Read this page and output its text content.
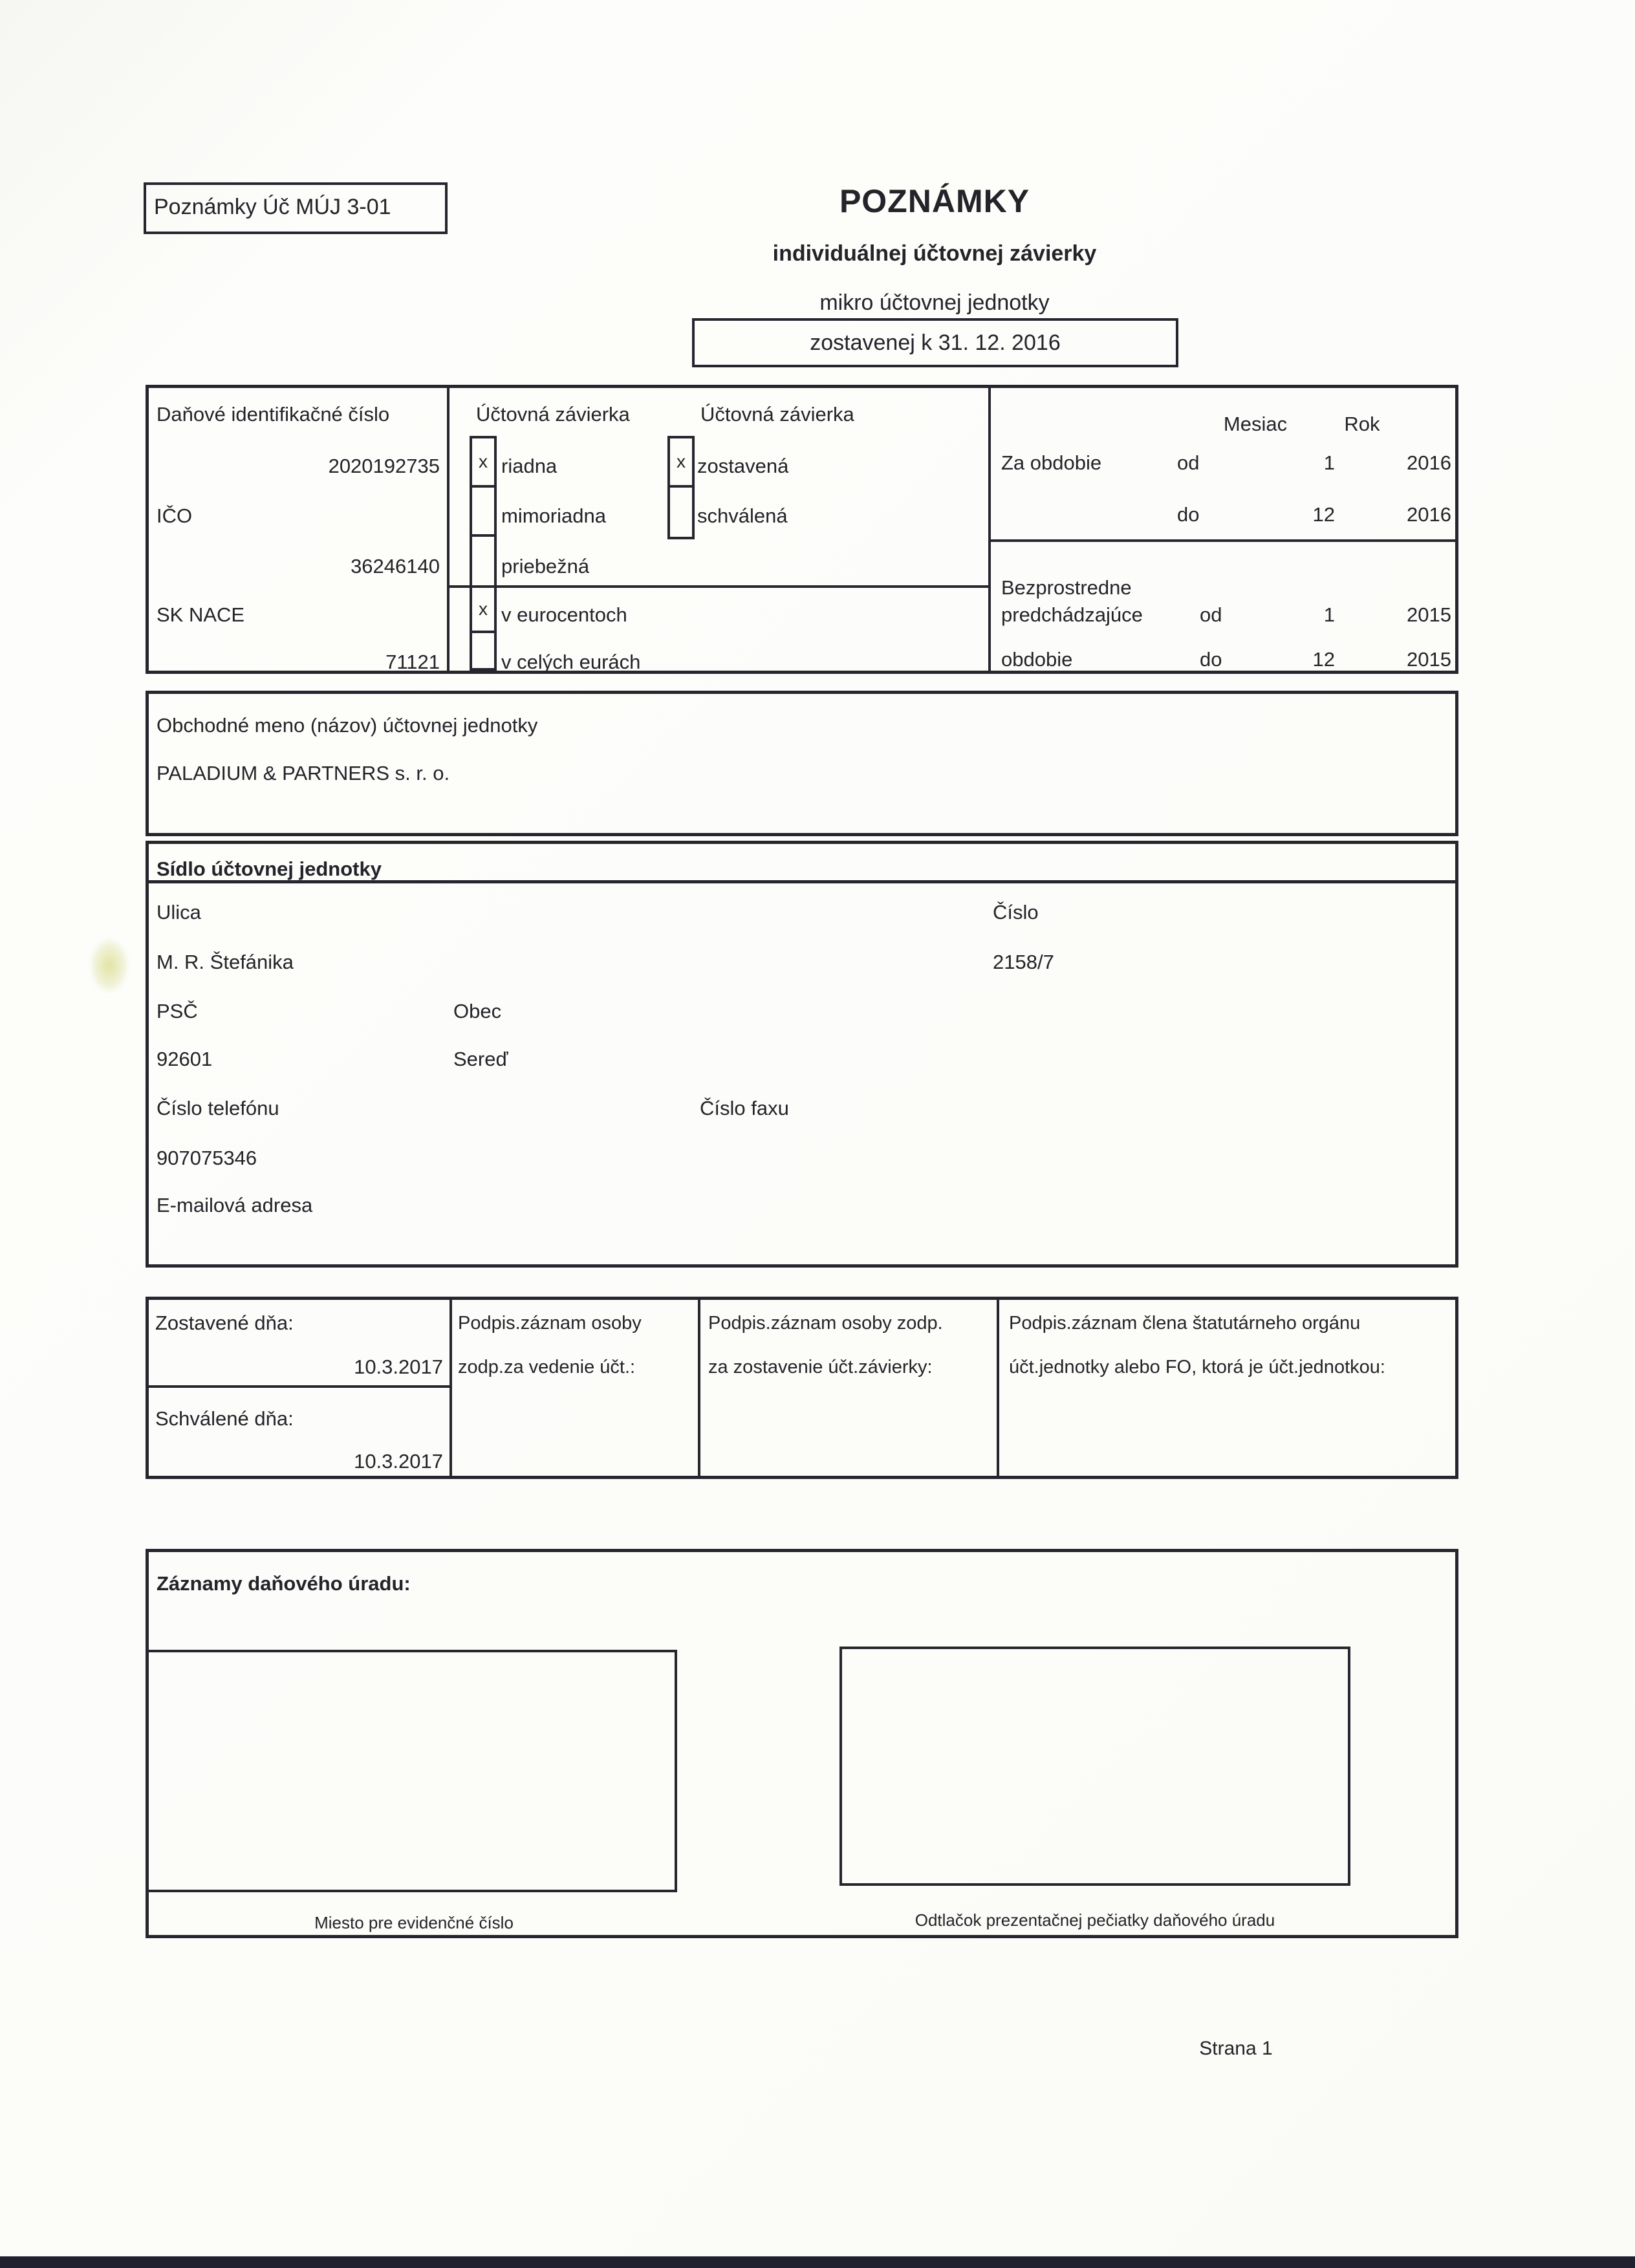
Poznámky Úč MÚJ 3-01	POZNÁMKY
individuálnej účtovnej závierky
mikro účtovnej jednotky
zostavenej k 31. 12. 2016
Daňové identifikačné číslo
2020192735
IČO
36246140
SK NACE
71121
Účtovná závierka	Účtovná závierka
x riadna
mimoriadna
priebežná
x v eurocentoch
v celých eurách
x zostavená
schválená
Mesiac	Rok
Za obdobie	od	1	2016
do	12	2016
Bezprostredne
predchádzajúce	od	1	2015
obdobie	do	12	2015
Obchodné meno (názov) účtovnej jednotky
PALADIUM & PARTNERS s. r. o.
Sídlo účtovnej jednotky
Ulica	Číslo
M. R. Štefánika	2158/7
PSČ	Obec
92601	Sereď
Číslo telefónu	Číslo faxu
907075346
E-mailová adresa
Zostavené dňa:
10.3.2017
Schválené dňa:
10.3.2017
Podpis.záznam osoby
zodp.za vedenie účt.:
Podpis.záznam osoby zodp.
za zostavenie účt.závierky:
Podpis.záznam člena štatutárneho orgánu
účt.jednotky alebo FO, ktorá je účt.jednotkou:
Záznamy daňového úradu:
Miesto pre evidenčné číslo	Odtlačok prezentačnej pečiatky daňového úradu
Strana 1
